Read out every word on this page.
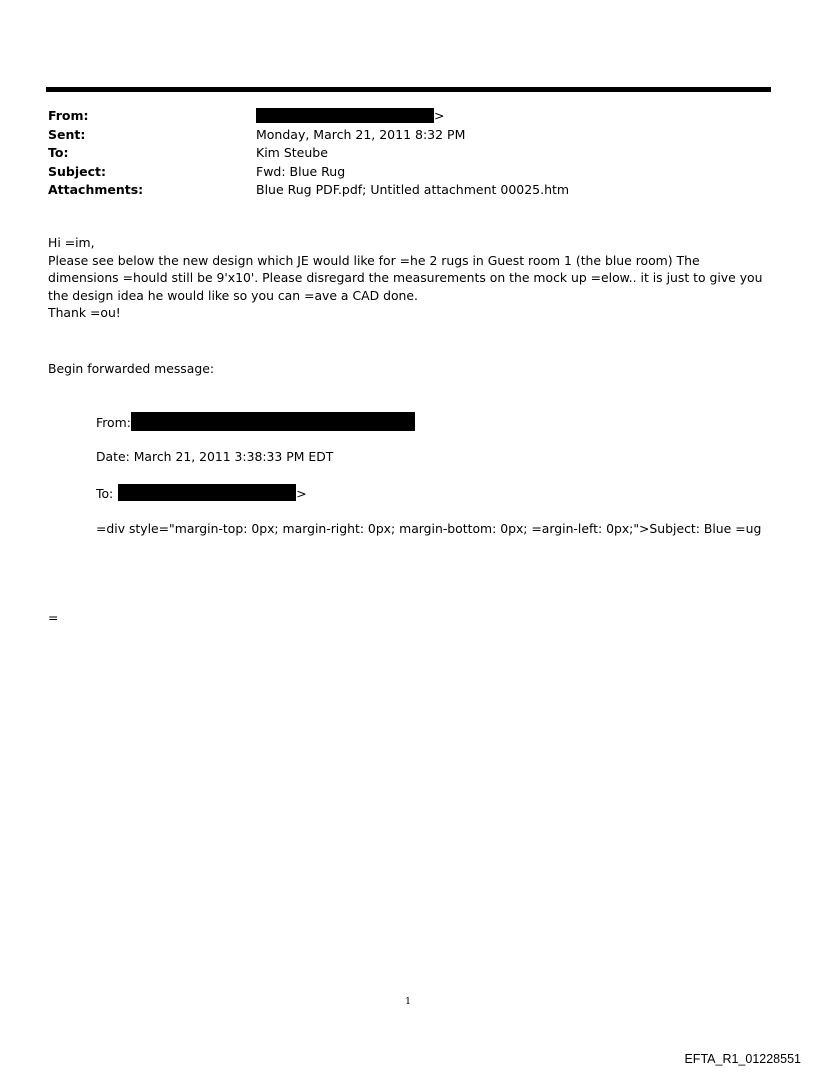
From:	>
Sent:	Monday, March 21, 2011 8:32 PM
To:	Kim Steube
Subject:	Fwd: Blue Rug
Attachments:	Blue Rug PDF.pdf; Untitled attachment 00025.htm

Hi =im,

Please see below the new design which JE would like for =he 2 rugs in Guest room 1 (the blue room) The dimensions =hould still be 9'x10'. Please disregard the measurements on the mock up =elow.. it is just to give you the design idea he would like so you can =ave a CAD done.

Thank =ou!

Begin forwarded message:
From:
Date: March 21, 2011 3:38:33 PM EDT
To:	>
=div style="margin-top: 0px; margin-right: 0px; margin-bottom: 0px; =argin-left: 0px;">Subject: Blue =ug
=
1
EFTA_R1_01228551
